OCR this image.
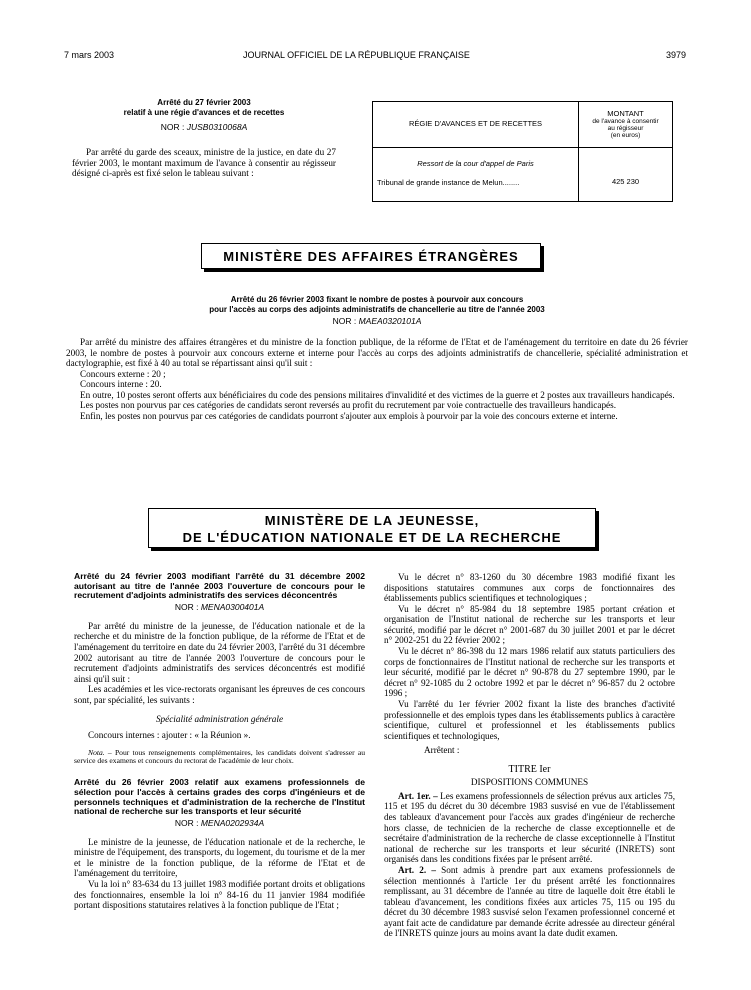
7 mars 2003	JOURNAL OFFICIEL DE LA RÉPUBLIQUE FRANÇAISE	3979
Arrêté du 27 février 2003
relatif à une régie d'avances et de recettes
NOR : JUSB0310068A

Par arrêté du garde des sceaux, ministre de la justice, en date du 27 février 2003, le montant maximum de l'avance à consentir au régisseur désigné ci-après est fixé selon le tableau suivant :

RÉGIE D'AVANCES ET DE RECETTES	MONTANT
de l'avance à consentir
au régisseur
(en euros)

Ressort de la cour d'appel de Paris
Tribunal de grande instance de Melun........	425 230
MINISTÈRE DES AFFAIRES ÉTRANGÈRES
Arrêté du 26 février 2003 fixant le nombre de postes à pourvoir aux concours
pour l'accès au corps des adjoints administratifs de chancellerie au titre de l'année 2003
NOR : MAEA0320101A

Par arrêté du ministre des affaires étrangères et du ministre de la fonction publique, de la réforme de l'Etat et de l'aménagement du territoire en date du 26 février 2003, le nombre de postes à pourvoir aux concours externe et interne pour l'accès au corps des adjoints administratifs de chancellerie, spécialité administration et dactylographie, est fixé à 40 au total se répartissant ainsi qu'il suit :

Concours externe : 20 ;

Concours interne : 20.

En outre, 10 postes seront offerts aux bénéficiaires du code des pensions militaires d'invalidité et des victimes de la guerre et 2 postes aux travailleurs handicapés.

Les postes non pourvus par ces catégories de candidats seront reversés au profit du recrutement par voie contractuelle des travailleurs handicapés.

Enfin, les postes non pourvus par ces catégories de candidats pourront s'ajouter aux emplois à pourvoir par la voie des concours externe et interne.

MINISTÈRE DE LA JEUNESSE,
DE L'ÉDUCATION NATIONALE ET DE LA RECHERCHE
Arrêté du 24 février 2003 modifiant l'arrêté du 31 décembre 2002 autorisant au titre de l'année 2003 l'ouverture de concours pour le recrutement d'adjoints administratifs des services déconcentrés
NOR : MENA0300401A

Par arrêté du ministre de la jeunesse, de l'éducation nationale et de la recherche et du ministre de la fonction publique, de la réforme de l'Etat et de l'aménagement du territoire en date du 24 février 2003, l'arrêté du 31 décembre 2002 autorisant au titre de l'année 2003 l'ouverture de concours pour le recrutement d'adjoints administratifs des services déconcentrés est modifié ainsi qu'il suit :

Les académies et les vice-rectorats organisant les épreuves de ces concours sont, par spécialité, les suivants :

Spécialité administration générale

Concours internes : ajouter : « la Réunion ».

Nota. – Pour tous renseignements complémentaires, les candidats doivent s'adresser au service des examens et concours du rectorat de l'académie de leur choix.

Arrêté du 26 février 2003 relatif aux examens professionnels de sélection pour l'accès à certains grades des corps d'ingénieurs et de personnels techniques et d'administration de la recherche de l'Institut national de recherche sur les transports et leur sécurité
NOR : MENA0202934A

Le ministre de la jeunesse, de l'éducation nationale et de la recherche, le ministre de l'équipement, des transports, du logement, du tourisme et de la mer et le ministre de la fonction publique, de la réforme de l'Etat et de l'aménagement du territoire,

Vu la loi n° 83-634 du 13 juillet 1983 modifiée portant droits et obligations des fonctionnaires, ensemble la loi n° 84-16 du 11 janvier 1984 modifiée portant dispositions statutaires relatives à la fonction publique de l'Etat ;

Vu le décret n° 83-1260 du 30 décembre 1983 modifié fixant les dispositions statutaires communes aux corps de fonctionnaires des établissements publics scientifiques et technologiques ;

Vu le décret n° 85-984 du 18 septembre 1985 portant création et organisation de l'Institut national de recherche sur les transports et leur sécurité, modifié par le décret n° 2001-687 du 30 juillet 2001 et par le décret n° 2002-251 du 22 février 2002 ;

Vu le décret n° 86-398 du 12 mars 1986 relatif aux statuts particuliers des corps de fonctionnaires de l'Institut national de recherche sur les transports et leur sécurité, modifié par le décret n° 90-878 du 27 septembre 1990, par le décret n° 92-1085 du 2 octobre 1992 et par le décret n° 96-857 du 2 octobre 1996 ;

Vu l'arrêté du 1er février 2002 fixant la liste des branches d'activité professionnelle et des emplois types dans les établissements publics à caractère scientifique, culturel et professionnel et les établissements publics scientifiques et technologiques,

Arrêtent :

TITRE Ier

DISPOSITIONS COMMUNES

Art. 1er. – Les examens professionnels de sélection prévus aux articles 75, 115 et 195 du décret du 30 décembre 1983 susvisé en vue de l'établissement des tableaux d'avancement pour l'accès aux grades d'ingénieur de recherche hors classe, de technicien de la recherche de classe exceptionnelle et de secrétaire d'administration de la recherche de classe exceptionnelle à l'Institut national de recherche sur les transports et leur sécurité (INRETS) sont organisés dans les conditions fixées par le présent arrêté.

Art. 2. – Sont admis à prendre part aux examens professionnels de sélection mentionnés à l'article 1er du présent arrêté les fonctionnaires remplissant, au 31 décembre de l'année au titre de laquelle doit être établi le tableau d'avancement, les conditions fixées aux articles 75, 115 ou 195 du décret du 30 décembre 1983 susvisé selon l'examen professionnel concerné et ayant fait acte de candidature par demande écrite adressée au directeur général de l'INRETS quinze jours au moins avant la date dudit examen.
